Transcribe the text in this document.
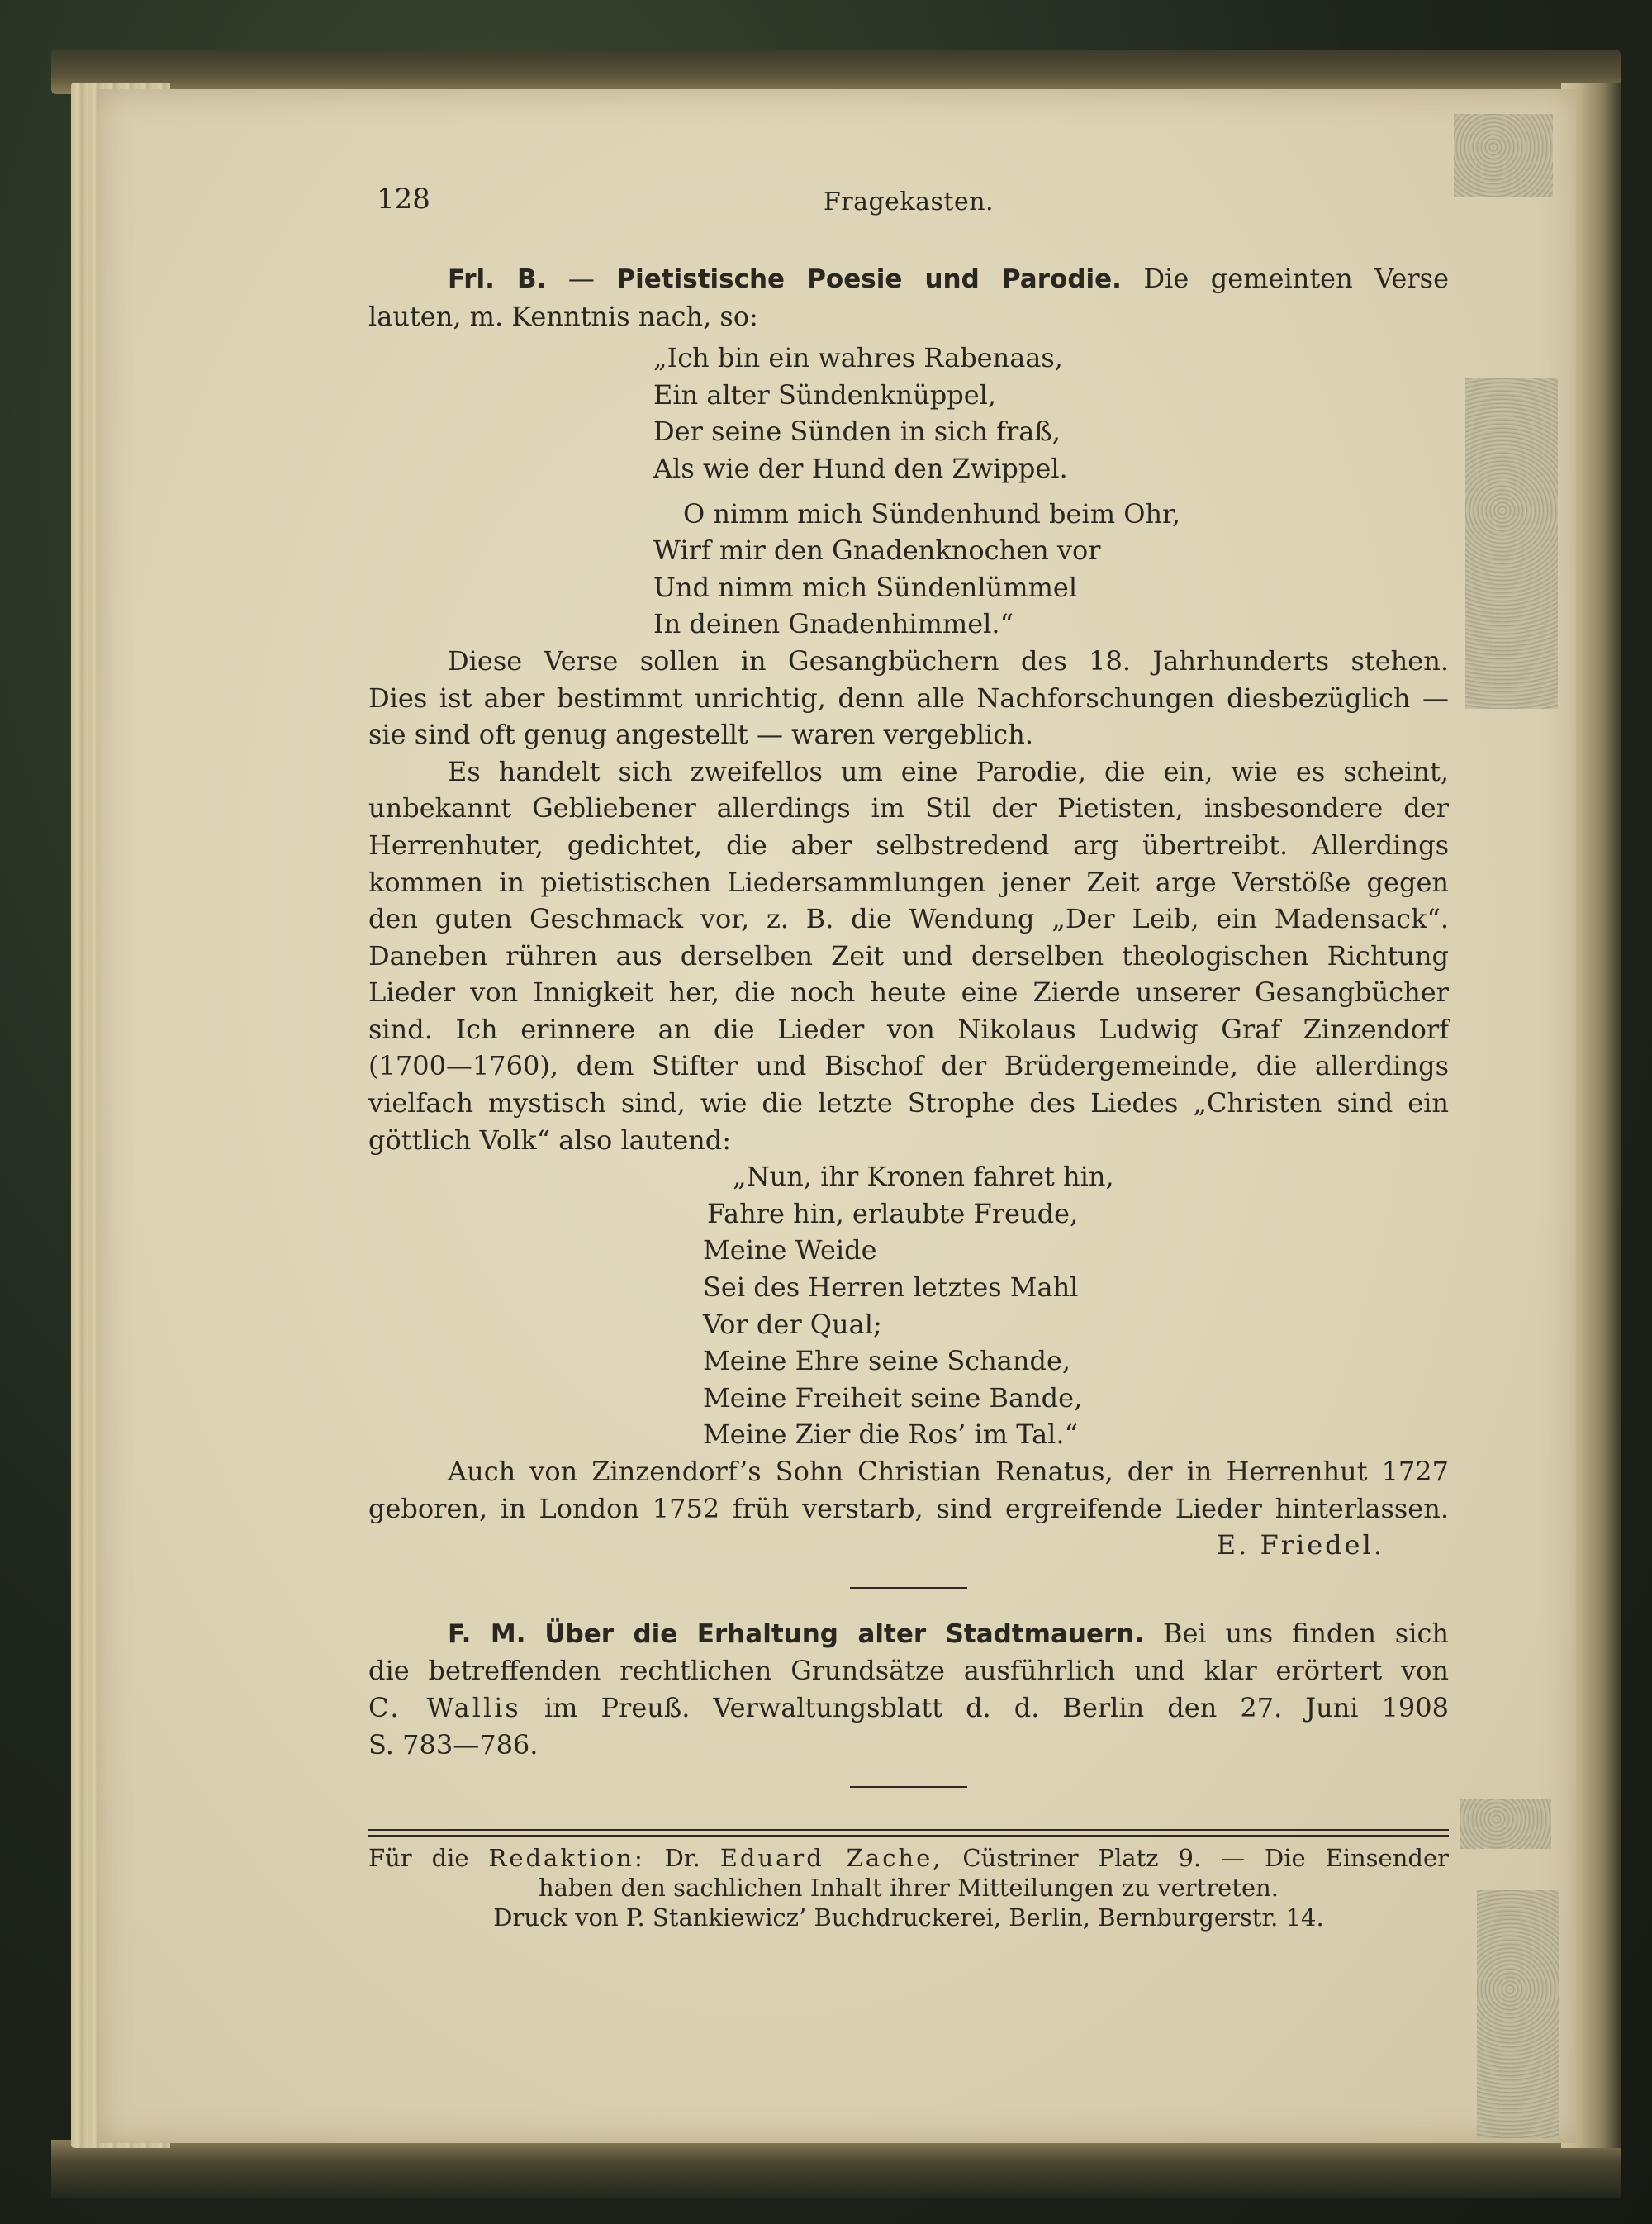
128	Fragekasten.

Frl. B. — Pietistische Poesie und Parodie. Die gemeinten Verse

lauten, m. Kenntnis nach, so:

„Ich bin ein wahres Rabenaas,

Ein alter Sündenknüppel,

Der seine Sünden in sich fraß,

Als wie der Hund den Zwippel.

O nimm mich Sündenhund beim Ohr,

Wirf mir den Gnadenknochen vor

Und nimm mich Sündenlümmel

In deinen Gnadenhimmel.“

Diese Verse sollen in Gesangbüchern des 18. Jahrhunderts stehen.

Dies ist aber bestimmt unrichtig, denn alle Nachforschungen diesbezüglich —

sie sind oft genug angestellt — waren vergeblich.

Es handelt sich zweifellos um eine Parodie, die ein, wie es scheint,

unbekannt Gebliebener allerdings im Stil der Pietisten, insbesondere der

Herrenhuter, gedichtet, die aber selbstredend arg übertreibt. Allerdings

kommen in pietistischen Liedersammlungen jener Zeit arge Verstöße gegen

den guten Geschmack vor, z. B. die Wendung „Der Leib, ein Madensack“.

Daneben rühren aus derselben Zeit und derselben theologischen Richtung

Lieder von Innigkeit her, die noch heute eine Zierde unserer Gesangbücher

sind. Ich erinnere an die Lieder von Nikolaus Ludwig Graf Zinzendorf

(1700—1760), dem Stifter und Bischof der Brüdergemeinde, die allerdings

vielfach mystisch sind, wie die letzte Strophe des Liedes „Christen sind ein

göttlich Volk“ also lautend:

„Nun, ihr Kronen fahret hin,

Fahre hin, erlaubte Freude,

Meine Weide

Sei des Herren letztes Mahl

Vor der Qual;

Meine Ehre seine Schande,

Meine Freiheit seine Bande,

Meine Zier die Ros’ im Tal.“

Auch von Zinzendorf’s Sohn Christian Renatus, der in Herrenhut 1727

geboren, in London 1752 früh verstarb, sind ergreifende Lieder hinterlassen.

E. Friedel.

F. M. Über die Erhaltung alter Stadtmauern. Bei uns finden sich

die betreffenden rechtlichen Grundsätze ausführlich und klar erörtert von

C. Wallis im Preuß. Verwaltungsblatt d. d. Berlin den 27. Juni 1908

S. 783—786.

Für die Redaktion: Dr. Eduard Zache, Cüstriner Platz 9. — Die Einsender

haben den sachlichen Inhalt ihrer Mitteilungen zu vertreten.

Druck von P. Stankiewicz’ Buchdruckerei, Berlin, Bernburgerstr. 14.
